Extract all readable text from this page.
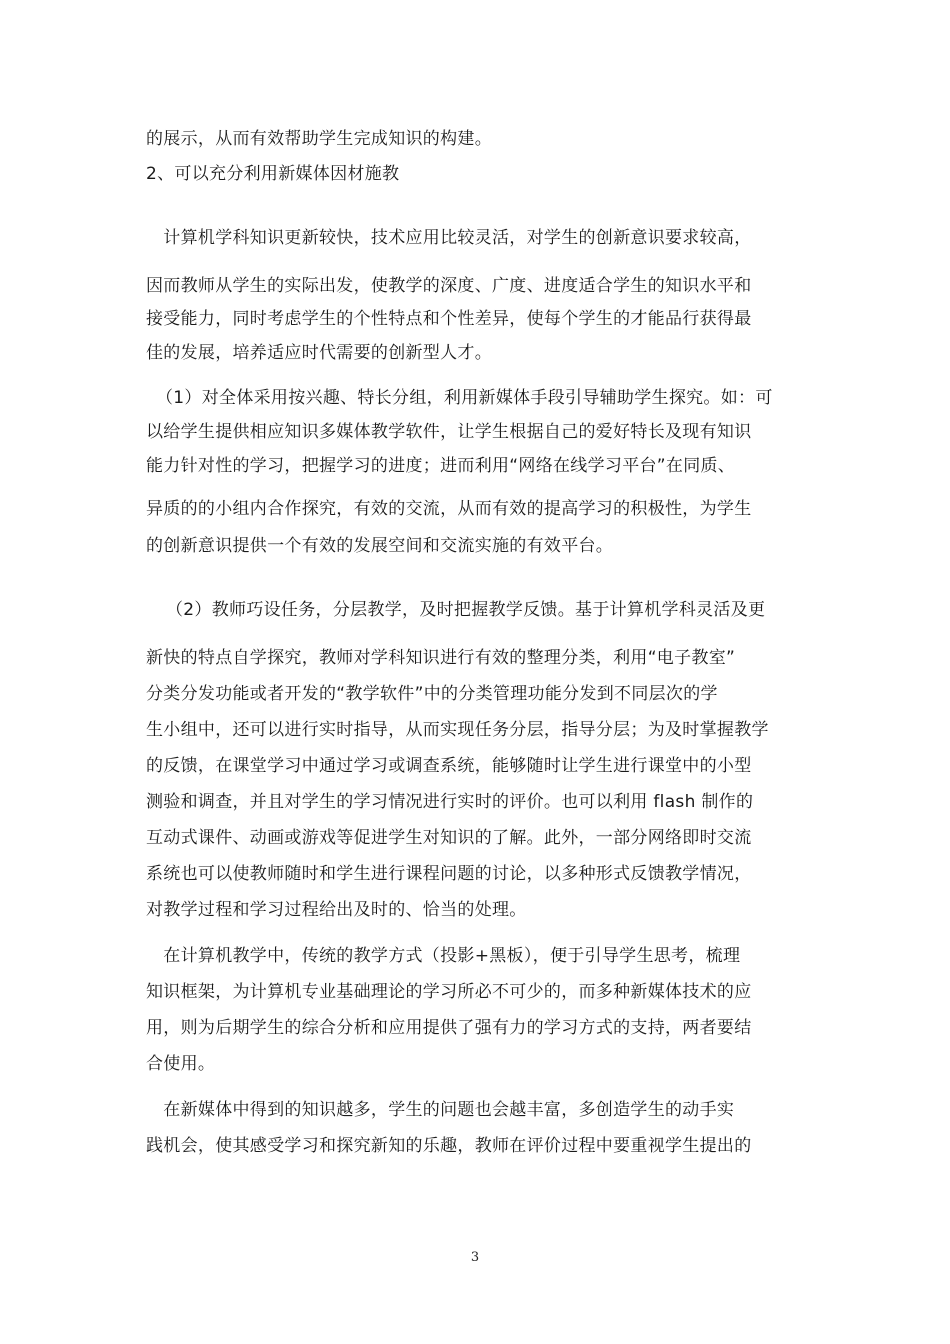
的展示，从而有效帮助学生完成知识的构建。
2、可以充分利用新媒体因材施教
　计算机学科知识更新较快，技术应用比较灵活，对学生的创新意识要求较高，
因而教师从学生的实际出发，使教学的深度、广度、进度适合学生的知识水平和
接受能力，同时考虑学生的个性特点和个性差异，使每个学生的才能品行获得最
佳的发展，培养适应时代需要的创新型人才。
（1）对全体采用按兴趣、特长分组，利用新媒体手段引导辅助学生探究。如：可
以给学生提供相应知识多媒体教学软件，让学生根据自己的爱好特长及现有知识
能力针对性的学习，把握学习的进度；进而利用“网络在线学习平台”在同质、
异质的的小组内合作探究，有效的交流，从而有效的提高学习的积极性，为学生
的创新意识提供一个有效的发展空间和交流实施的有效平台。
（2）教师巧设任务，分层教学，及时把握教学反馈。基于计算机学科灵活及更
新快的特点自学探究，教师对学科知识进行有效的整理分类，利用“电子教室”
分类分发功能或者开发的“教学软件”中的分类管理功能分发到不同层次的学
生小组中，还可以进行实时指导，从而实现任务分层，指导分层；为及时掌握教学
的反馈，在课堂学习中通过学习或调查系统，能够随时让学生进行课堂中的小型
测验和调查，并且对学生的学习情况进行实时的评价。也可以利用 flash 制作的
互动式课件、动画或游戏等促进学生对知识的了解。此外，一部分网络即时交流
系统也可以使教师随时和学生进行课程问题的讨论，以多种形式反馈教学情况，
对教学过程和学习过程给出及时的、恰当的处理。
　在计算机教学中，传统的教学方式（投影+黑板），便于引导学生思考，梳理
知识框架，为计算机专业基础理论的学习所必不可少的，而多种新媒体技术的应
用，则为后期学生的综合分析和应用提供了强有力的学习方式的支持，两者要结
合使用。
　在新媒体中得到的知识越多，学生的问题也会越丰富，多创造学生的动手实
践机会，使其感受学习和探究新知的乐趣，教师在评价过程中要重视学生提出的
3
